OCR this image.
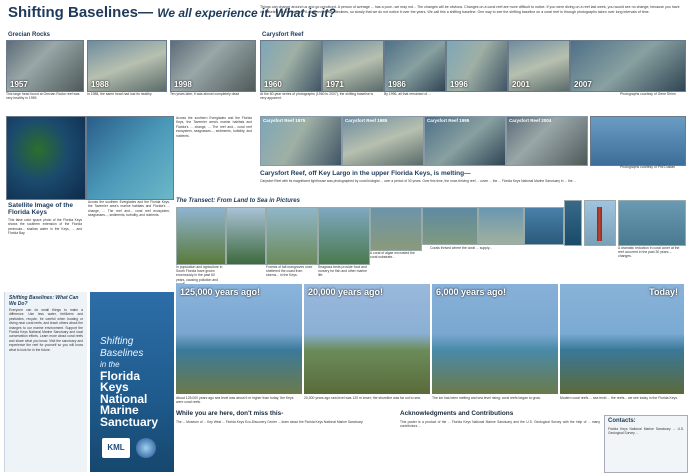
Shifting Baselines— We all experience it. What is it?
Things can change around us and go unnoticed. A person of average ... has a poor...we may not... The changes will be obvious. Changes on a coral reef are more difficult to notice. If you were diving on a reef last week, you would see no change; because you have no baseline for comparison. A coral reef slowly declines, so slowly that we do not notice it over the years. We call this a shifting baseline. One way to see the shifting baseline on a coral reef is through photographs taken over long intervals of time.
Grecian Rocks
1957	1988	1998
This large head found at Grecian Rocks reef was very healthy in 1959.
In 1988, the same head had lost its healthy	Ten years later, it was almost completely dead
Carysfort Reef
1960	1971	1986	1996	2001	2007
At the 60-year series of photographs (1960 to 2007), the shifting baseline is very apparent.
By 1996, all that remained of ...	Photographs courtesy of Gene Shinn
Satellite Image of the Florida Keys
This false color space photo of the Florida Keys shows the southern extension of the Florida peninsula... shallow water in the Keys, ... and Florida Bay.
Across the southern Everglades and the Florida Keys, the Tavernier area's marine habitats and Florida's ... change, ... The reef and... coral reef ecosystem, seagrasses..., sediments, turbidity, and nutrients.
Across the southern Everglades and the Florida Keys, the Tavernier area's marine habitats and Florida's ... change, ... The reef and... coral reef ecosystem, seagrasses..., sediments, turbidity, and nutrients.
Carysfort Reef 1975	Carysfort Reef 1985	Carysfort Reef 1995	Carysfort Reef 2004
Photographs courtesy of Phil Dustan
Carysfort Reef, off Key Largo in the upper Florida Keys, is melting—
Carysfort Reef with its magnificent lighthouse was photographed by coral biologist ... over a period of 30 years. Over this time, the once-thriving reef ... cover ... the ... Florida Keys National Marine Sanctuary in ... the ...
The Transect: From Land to Sea in Pictures
In population and agriculture in South Florida have grown enormously in the past 60 years, causing pollution and
Forests of tall mangroves once sheltered the coast from storms... in the Keys.
Seagrass beds provide food and nursery for fish and other marine life.
A coral of algae encrusted the coral substrate...
Corals thrived where the coral ... supply...	A dramatic reduction in coral cover at the reef occurred in the past 30 years ... changes.
Shifting Baselines: What Can We Do?
Everyone can do small things to make a difference. Use less water, fertilizers and pesticides, recycle, be careful when boating or diving near coral reefs, and teach others about the changes to our marine environment. Support the Florida Keys National Marine Sanctuary and local conservation efforts. Learn more about coral reefs and share what you know. Visit the sanctuary and experience the reef for yourself so you will know what to look for in the future.
Shifting Baselines
in the
Florida Keys National Marine Sanctuary
KML
125,000 years ago!	20,000 years ago!	6,000 years ago!	Today!
About 125,000 years ago sea level was about 6 m higher than today; the Keys were coral reefs.
20,000 years ago sea level was 120 m lower; the shoreline was far out to sea.	The ice has been melting and sea level rising; coral reefs began to grow.	Modern coral reefs ... sea level ... the reefs... we see today in the Florida Keys.
While you are here, don't miss this-
The ... Museum of ... Key West ... Florida Keys Eco-Discovery Center ... learn about the Florida Keys National Marine Sanctuary.
Acknowledgments and Contributions
This poster is a product of the ... Florida Keys National Marine Sanctuary and the U.S. Geological Survey with the help of ... many contributors ...
Contacts:
Florida Keys National Marine Sanctuary ... U.S. Geological Survey ...
